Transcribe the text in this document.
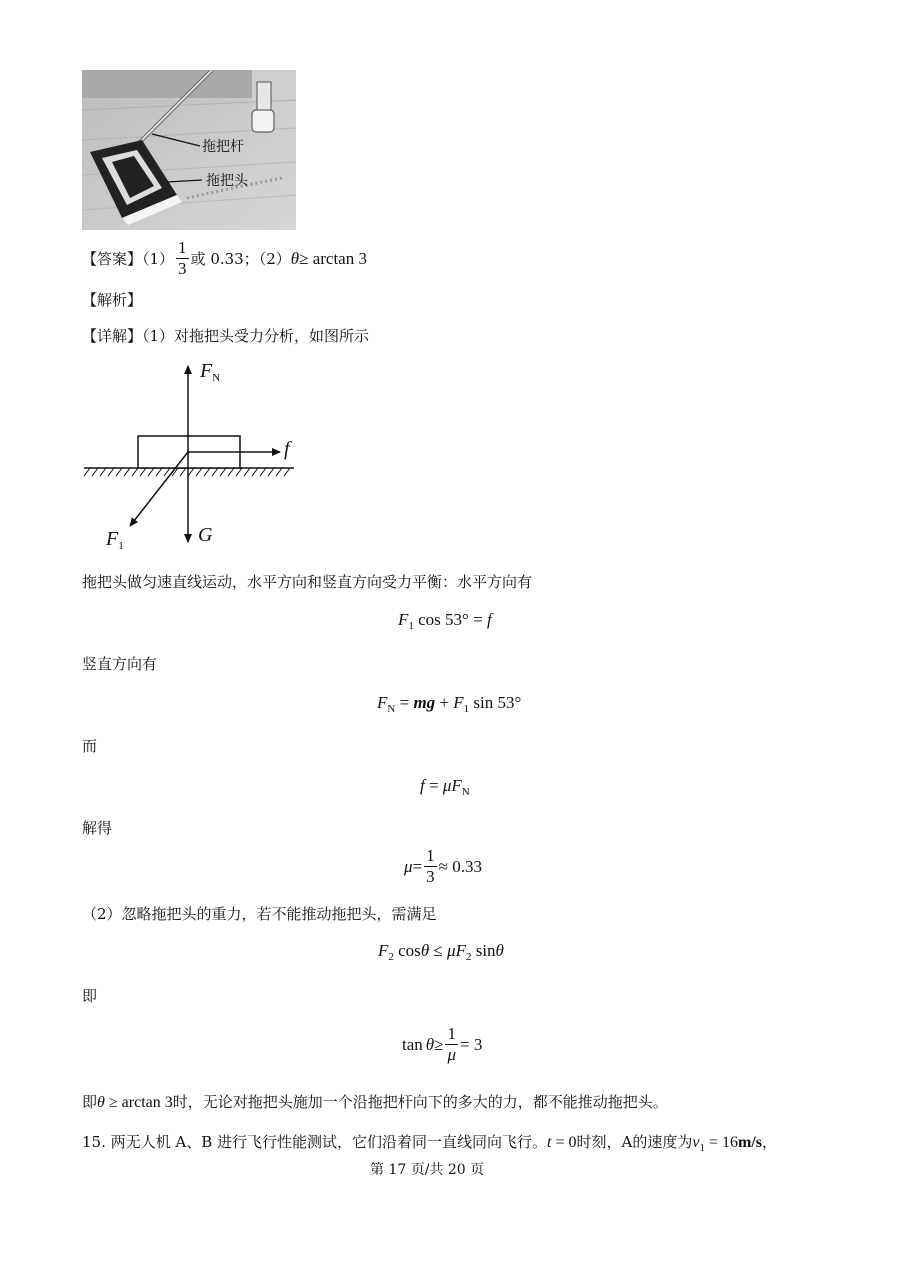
拖把杆
拖把头
【答案】$(1) \frac{1}{3}$ 或 0.33；（2） θ ≥ arctan 3
【解析】
【详解】（1）对拖把头受力分析，如图所示
$F_N$
f
G
$F_1$
拖把头做匀速直线运动，水平方向和竖直方向受力平衡：水平方向有
$F_1$ cos 53° = f
竖直方向有
$F_N$ = mg + $F_1$ sin 53°
而
$f = \mu F_N$
解得
$\mu = \frac{1}{3} \approx 0.33$
（2）忽略拖把头的重力，若不能推动拖把头，需满足
$F_2$ $\cos\theta \le \mu F_2$ sinθ
即
$\tan \theta \ge \frac{1}{\mu} = 3$
即θ ≥ arctan 3时，无论对拖把头施加一个沿拖把杆向下的多大的力，都不能推动拖把头。
15. 两无人机 A、B 进行飞行性能测试，它们沿着同一直线同向飞行。t = 0时刻，A的速度为$v_1 = 16m/s$，
第 17 页/共 20 页
